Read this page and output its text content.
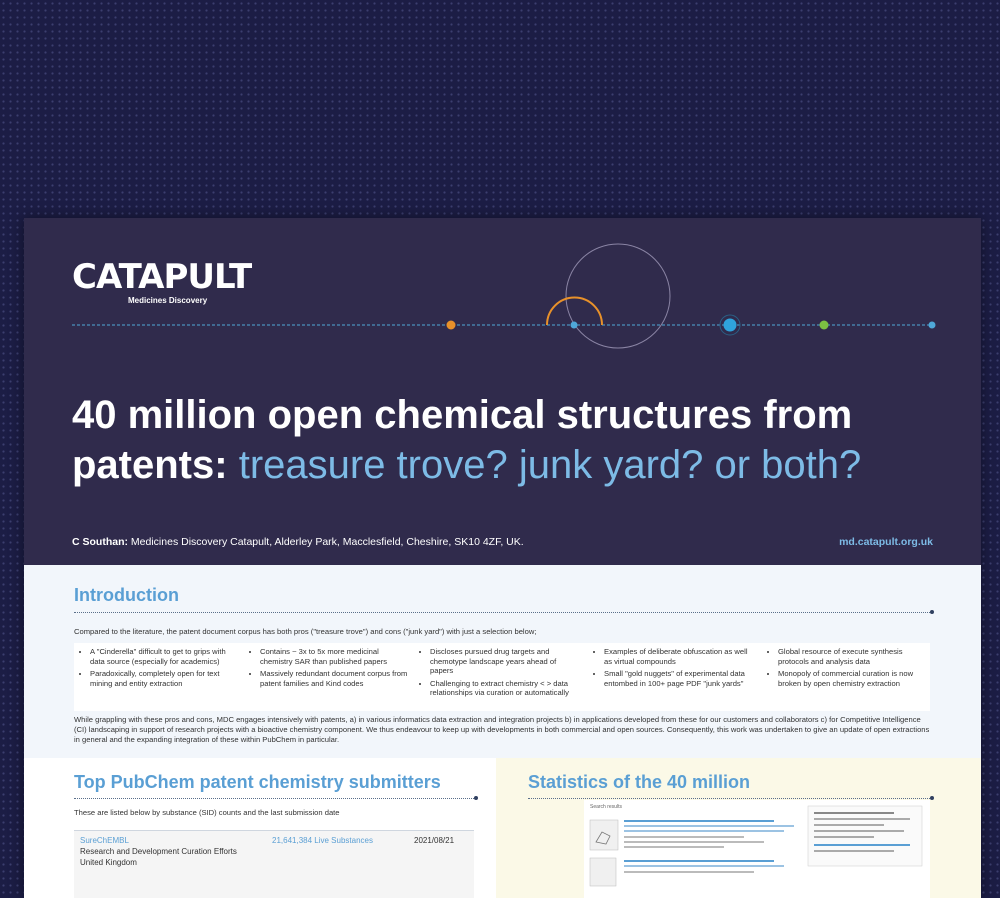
CATAPULT
Medicines Discovery
40 million open chemical structures from patents: treasure trove? junk yard? or both?
C Southan: Medicines Discovery Catapult, Alderley Park, Macclesfield, Cheshire, SK10 4ZF, UK.	md.catapult.org.uk
Introduction

Compared to the literature, the patent document corpus has both pros ("treasure trove") and cons ("junk yard") with just a selection below;

• A "Cinderella" difficult to get to grips with data source (especially for academics)
• Paradoxically, completely open for text mining and entity extraction
• Contains ~ 3x to 5x more medicinal chemistry SAR than published papers
• Massively redundant document corpus from patent families and Kind codes
• Discloses pursued drug targets and chemotype landscape years ahead of papers
• Challenging to extract chemistry < > data relationships via curation or automatically
• Examples of deliberate obfuscation as well as virtual compounds
• Small "gold nuggets" of experimental data entombed in 100+ page PDF "junk yards"
• Global resource of execute synthesis protocols and analysis data
• Monopoly of commercial curation is now broken by open chemistry extraction

While grappling with these pros and cons, MDC engages intensively with patents, a) in various informatics data extraction and integration projects b) in applications developed from these for our customers and collaborators c) for Competitive Intelligence (CI) landscaping in support of research projects with a bioactive chemistry component. We thus endeavour to keep up with developments in both commercial and open sources. Consequently, this work was undertaken to give an update of open extractions in general and the expanding integration of these within PubChem in particular.

Top PubChem patent chemistry submitters

These are listed below by substance (SID) counts and the last submission date

SureChEMBL

Research and Development Curation Efforts

United Kingdom

21,641,384 Live Substances	2021/08/21

Statistics of the 40 million

Search results
